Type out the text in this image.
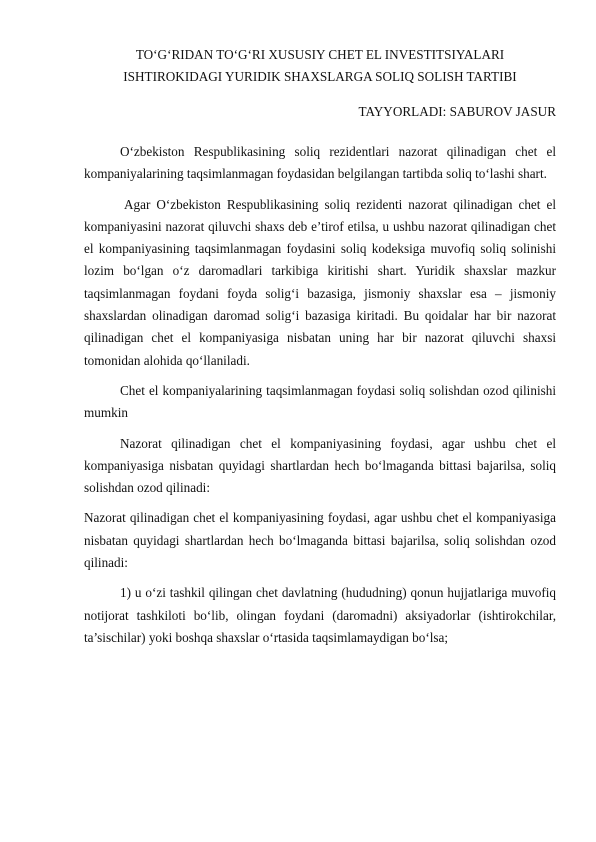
TO‘G‘RIDAN TO‘G‘RI XUSUSIY CHET EL INVESTITSIYALARI
ISHTIROKIDAGI YURIDIK SHAXSLARGA SOLIQ SOLISH TARTIBI
TAYYORLADI: SABUROV JASUR

O‘zbekiston Respublikasining soliq rezidentlari nazorat qilinadigan chet el kompaniyalarining taqsimlanmagan foydasidan belgilangan tartibda soliq to‘lashi shart.

Agar O‘zbekiston Respublikasining soliq rezidenti nazorat qilinadigan chet el kompaniyasini nazorat qiluvchi shaxs deb e’tirof etilsa, u ushbu nazorat qilinadigan chet el kompaniyasining taqsimlanmagan foydasini soliq kodeksiga muvofiq soliq solinishi lozim bo‘lgan o‘z daromadlari tarkibiga kiritishi shart. Yuridik shaxslar mazkur taqsimlanmagan foydani foyda solig‘i bazasiga, jismoniy shaxslar esa – jismoniy shaxslardan olinadigan daromad solig‘i bazasiga kiritadi. Bu qoidalar har bir nazorat qilinadigan chet el kompaniyasiga nisbatan uning har bir nazorat qiluvchi shaxsi tomonidan alohida qo‘llaniladi.

Chet el kompaniyalarining taqsimlanmagan foydasi soliq solishdan ozod qilinishi mumkin

Nazorat qilinadigan chet el kompaniyasining foydasi, agar ushbu chet el kompaniyasiga nisbatan quyidagi shartlardan hech bo‘lmaganda bittasi bajarilsa, soliq solishdan ozod qilinadi:

Nazorat qilinadigan chet el kompaniyasining foydasi, agar ushbu chet el kompaniyasiga nisbatan quyidagi shartlardan hech bo‘lmaganda bittasi bajarilsa, soliq solishdan ozod qilinadi:

1) u o‘zi tashkil qilingan chet davlatning (hududning) qonun hujjatlariga muvofiq notijorat tashkiloti bo‘lib, olingan foydani (daromadni) aksiyadorlar (ishtirokchilar, ta’sischilar) yoki boshqa shaxslar o‘rtasida taqsimlamaydigan bo‘lsa;
